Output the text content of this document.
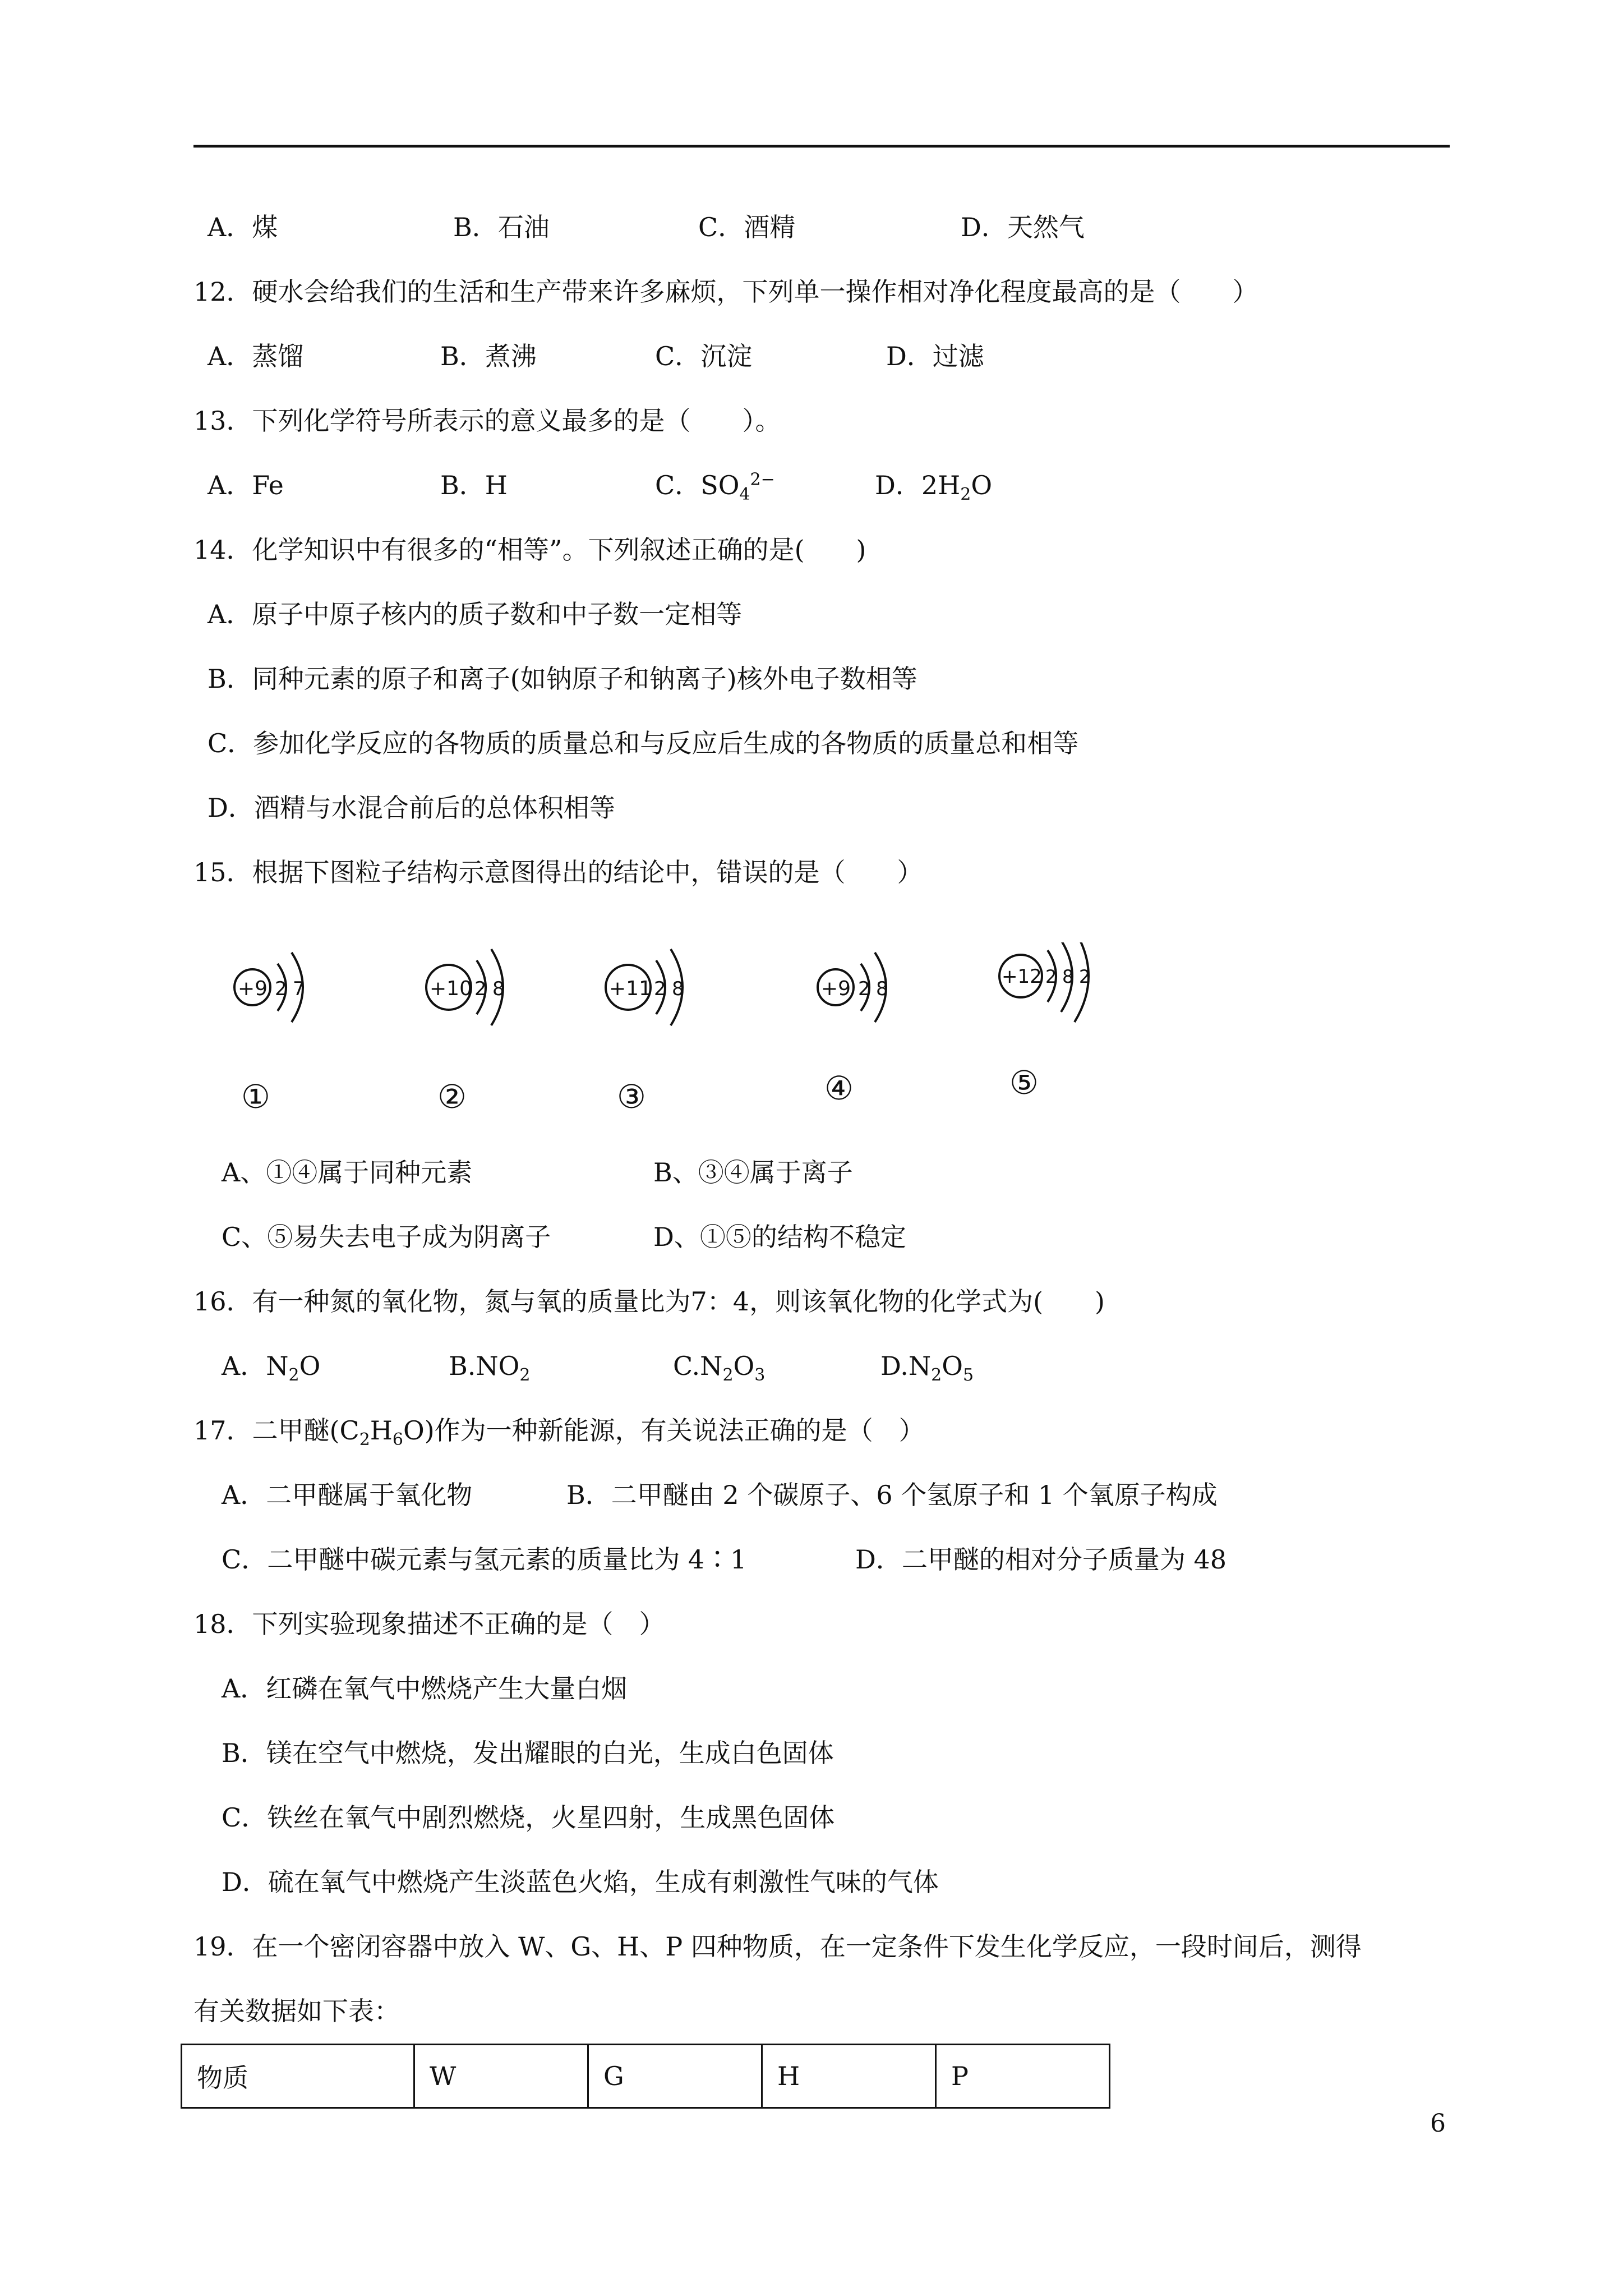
A．煤	B．石油	C．酒精	D．天然气
12．硬水会给我们的生活和生产带来许多麻烦，下列单一操作相对净化程度最高的是（　　）
A．蒸馏	B．煮沸	C．沉淀	D．过滤
13．下列化学符号所表示的意义最多的是（　　）。
A．Fe	B．H	C．$SO_4^{2-}$	D．$2H_2O$
14．化学知识中有很多的“相等”。下列叙述正确的是(　　)
A．原子中原子核内的质子数和中子数一定相等
B．同种元素的原子和离子(如钠原子和钠离子)核外电子数相等
C．参加化学反应的各物质的质量总和与反应后生成的各物质的质量总和相等
D．酒精与水混合前后的总体积相等
15．根据下图粒子结构示意图得出的结论中，错误的是（　　）
+9 2 7
①
+10 2 8
②
+11 2 8
③
+9 2 8
④
+12 2 8 2
⑤
A、①④属于同种元素	B、③④属于离子
C、⑤易失去电子成为阴离子	D、①⑤的结构不稳定
16．有一种氮的氧化物，氮与氧的质量比为7：4，则该氧化物的化学式为(　　)
A．$N_2O$	$B.NO_2$	$C.N_2O_3$	$D.N_2O_5$
17．二甲醚$(C_2H_6O)$作为一种新能源，有关说法正确的是（　）
A．二甲醚属于氧化物	B．二甲醚由 2 个碳原子、6 个氢原子和 1 个氧原子构成
C．二甲醚中碳元素与氢元素的质量比为 4∶1	D．二甲醚的相对分子质量为 48
18．下列实验现象描述不正确的是（　）
A．红磷在氧气中燃烧产生大量白烟
B．镁在空气中燃烧，发出耀眼的白光，生成白色固体
C．铁丝在氧气中剧烈燃烧，火星四射，生成黑色固体
D．硫在氧气中燃烧产生淡蓝色火焰，生成有刺激性气味的气体
19．在一个密闭容器中放入 W、G、H、P 四种物质，在一定条件下发生化学反应，一段时间后，测得
有关数据如下表：
物质	W	G	H	P
6
